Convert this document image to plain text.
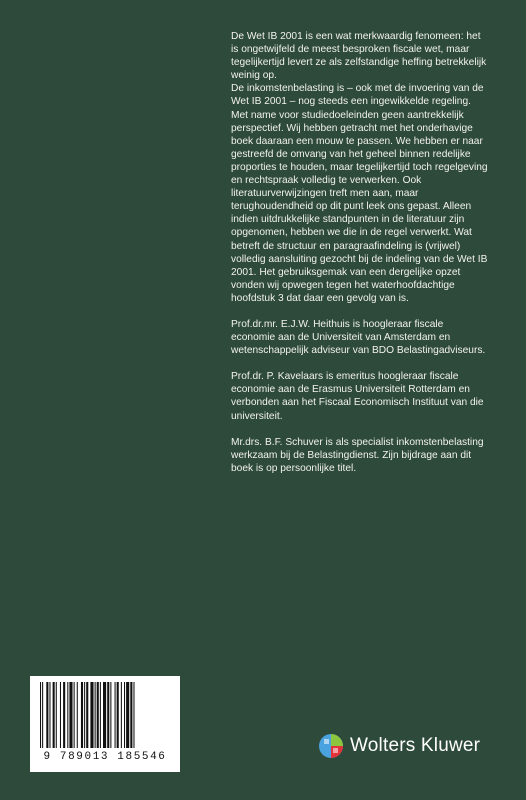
De Wet IB 2001 is een wat merkwaardig fenomeen: het is ongetwijfeld de meest besproken fiscale wet, maar tegelijkertijd levert ze als zelfstandige heffing betrekkelijk weinig op.

De inkomstenbelasting is – ook met de invoering van de Wet IB 2001 – nog steeds een ingewikkelde regeling. Met name voor studiedoeleinden geen aantrekkelijk perspectief. Wij hebben getracht met het onderhavige boek daaraan een mouw te passen. We hebben er naar gestreefd de omvang van het geheel binnen redelijke proporties te houden, maar tegelijkertijd toch regelgeving en rechtspraak volledig te verwerken. Ook literatuurverwijzingen treft men aan, maar terughoudendheid op dit punt leek ons gepast. Alleen indien uitdrukkelijke standpunten in de literatuur zijn opgenomen, hebben we die in de regel verwerkt. Wat betreft de structuur en paragraafindeling is (vrijwel) volledig aansluiting gezocht bij de indeling van de Wet IB 2001. Het gebruiksgemak van een dergelijke opzet vonden wij opwegen tegen het waterhoofdachtige hoofdstuk 3 dat daar een gevolg van is.

Prof.dr.mr. E.J.W. Heithuis is hoogleraar fiscale economie aan de Universiteit van Amsterdam en wetenschappelijk adviseur van BDO Belastingadviseurs.

Prof.dr. P. Kavelaars is emeritus hoogleraar fiscale economie aan de Erasmus Universiteit Rotterdam en verbonden aan het Fiscaal Economisch Instituut van die universiteit.

Mr.drs. B.F. Schuver is als specialist inkomstenbelasting werkzaam bij de Belastingdienst. Zijn bijdrage aan dit boek is op persoonlijke titel.

9 789013 185546
Wolters Kluwer
